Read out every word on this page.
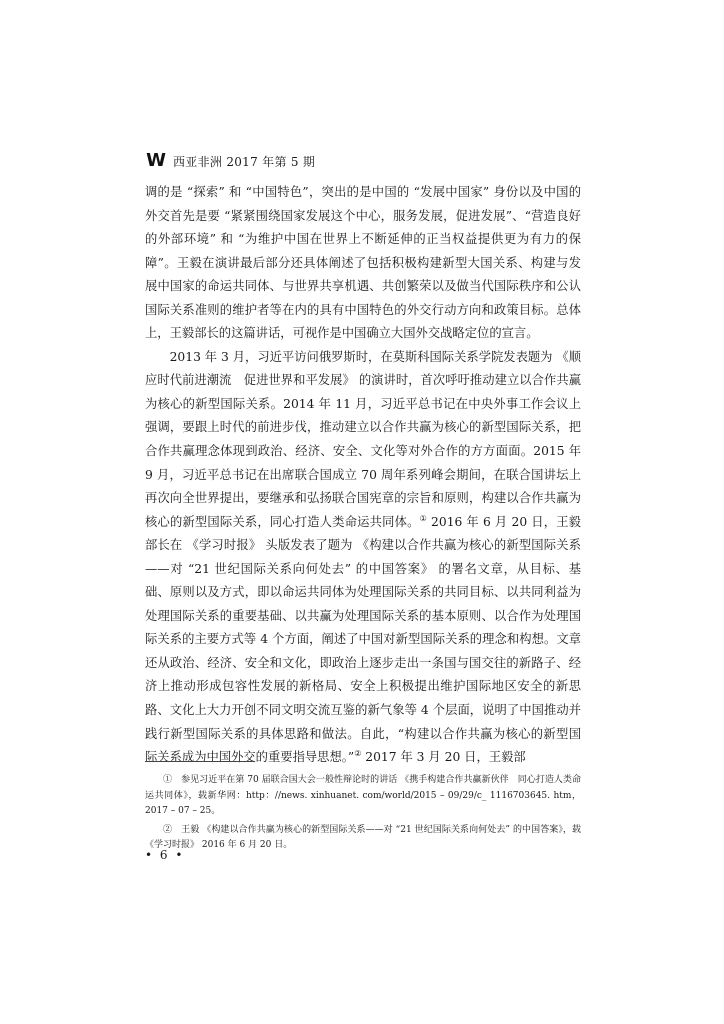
W 西亚非洲 2017 年第 5 期

调的是 “探索” 和 “中国特色”，突出的是中国的 “发展中国家” 身份以及中国的外交首先是要 “紧紧围绕国家发展这个中心，服务发展，促进发展”、“营造良好的外部环境” 和 “为维护中国在世界上不断延伸的正当权益提供更为有力的保障”。王毅在演讲最后部分还具体阐述了包括积极构建新型大国关系、构建与发展中国家的命运共同体、与世界共享机遇、共创繁荣以及做当代国际秩序和公认国际关系准则的维护者等在内的具有中国特色的外交行动方向和政策目标。总体上，王毅部长的这篇讲话，可视作是中国确立大国外交战略定位的宣言。

2013 年 3 月，习近平访问俄罗斯时，在莫斯科国际关系学院发表题为 《顺应时代前进潮流　促进世界和平发展》 的演讲时，首次呼吁推动建立以合作共赢为核心的新型国际关系。2014 年 11 月，习近平总书记在中央外事工作会议上强调，要跟上时代的前进步伐，推动建立以合作共赢为核心的新型国际关系，把合作共赢理念体现到政治、经济、安全、文化等对外合作的方方面面。2015 年 9 月，习近平总书记在出席联合国成立 70 周年系列峰会期间，在联合国讲坛上再次向全世界提出，要继承和弘扬联合国宪章的宗旨和原则，构建以合作共赢为核心的新型国际关系，同心打造人类命运共同体。① 2016 年 6 月 20 日，王毅部长在 《学习时报》 头版发表了题为 《构建以合作共赢为核心的新型国际关系——对 “21 世纪国际关系向何处去” 的中国答案》 的署名文章，从目标、基础、原则以及方式，即以命运共同体为处理国际关系的共同目标、以共同利益为处理国际关系的重要基础、以共赢为处理国际关系的基本原则、以合作为处理国际关系的主要方式等 4 个方面，阐述了中国对新型国际关系的理念和构想。文章还从政治、经济、安全和文化，即政治上逐步走出一条国与国交往的新路子、经济上推动形成包容性发展的新格局、安全上积极提出维护国际地区安全的新思路、文化上大力开创不同文明交流互鉴的新气象等 4 个层面，说明了中国推动并践行新型国际关系的具体思路和做法。自此，“构建以合作共赢为核心的新型国际关系成为中国外交的重要指导思想。”② 2017 年 3 月 20 日，王毅部

①　参见习近平在第 70 届联合国大会一般性辩论时的讲话 《携手构建合作共赢新伙伴　同心打造人类命运共同体》，载新华网：http：//news. xinhuanet. com/world/2015 – 09/29/c_ 1116703645. htm，2017 – 07 – 25。

②　王毅 《构建以合作共赢为核心的新型国际关系——对 “21 世纪国际关系向何处去” 的中国答案》，载 《学习时报》 2016 年 6 月 20 日。

• 6 •
